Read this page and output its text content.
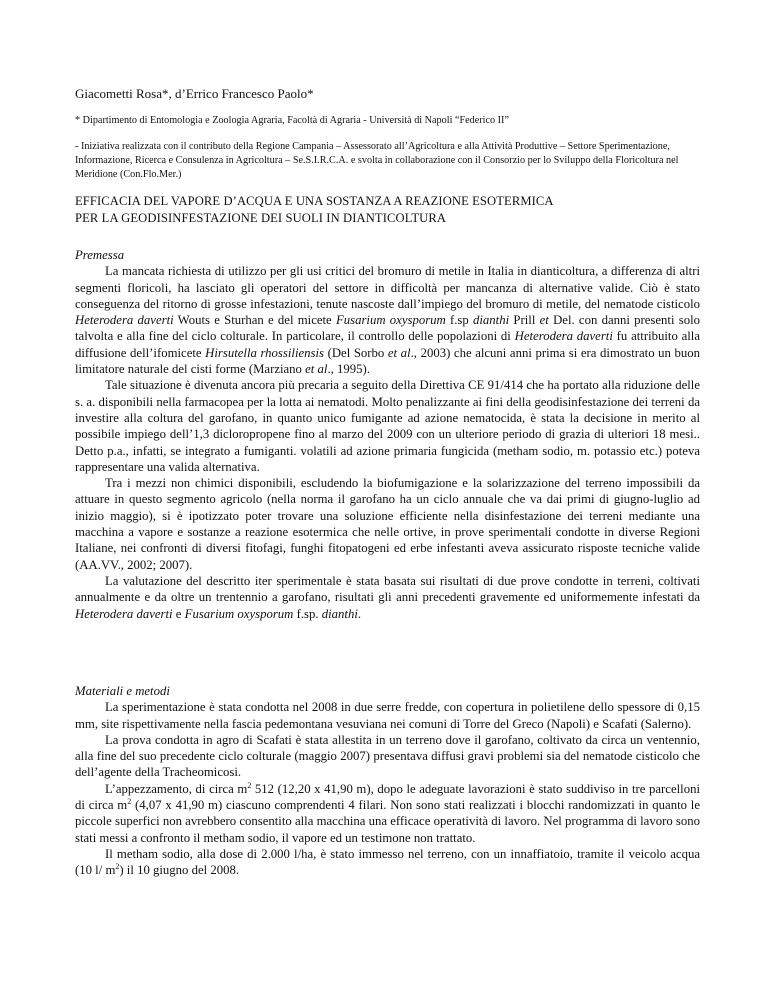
Giacometti Rosa*, d’Errico Francesco Paolo*
* Dipartimento di Entomologia e Zoologia Agraria, Facoltà di Agraria - Università di Napoli “Federico II”
- Iniziativa realizzata con il contributo della Regione Campania – Assessorato all’Agricoltura e alla Attività Produttive – Settore Sperimentazione, Informazione, Ricerca e Consulenza in Agricoltura – Se.S.I.R.C.A. e svolta in collaborazione con il Consorzio per lo Sviluppo della Floricoltura nel Meridione (Con.Flo.Mer.)
EFFICACIA DEL VAPORE D’ACQUA E UNA SOSTANZA A REAZIONE ESOTERMICA
PER LA GEODISINFESTAZIONE DEI SUOLI IN DIANTICOLTURA
Premessa

La mancata richiesta di utilizzo per gli usi critici del bromuro di metile in Italia in dianticoltura, a differenza di altri segmenti floricoli, ha lasciato gli operatori del settore in difficoltà per mancanza di alternative valide. Ciò è stato conseguenza del ritorno di grosse infestazioni, tenute nascoste dall’impiego del bromuro di metile, del nematode cisticolo Heterodera daverti Wouts e Sturhan e del micete Fusarium oxysporum f.sp dianthi Prill et Del. con danni presenti solo talvolta e alla fine del ciclo colturale. In particolare, il controllo delle popolazioni di Heterodera daverti fu attribuito alla diffusione dell’ifomicete Hirsutella rhossiliensis (Del Sorbo et al., 2003) che alcuni anni prima si era dimostrato un buon limitatore naturale del cisti forme (Marziano et al., 1995).

Tale situazione è divenuta ancora più precaria a seguito della Direttiva CE 91/414 che ha portato alla riduzione delle s. a. disponibili nella farmacopea per la lotta ai nematodi. Molto penalizzante ai fini della geodisinfestazione dei terreni da investire alla coltura del garofano, in quanto unico fumigante ad azione nematocida, è stata la decisione in merito al possibile impiego dell’1,3 dicloropropene fino al marzo del 2009 con un ulteriore periodo di grazia di ulteriori 18 mesi.. Detto p.a., infatti, se integrato a fumiganti. volatili ad azione primaria fungicida (metham sodio, m. potassio etc.) poteva rappresentare una valida alternativa.

Tra i mezzi non chimici disponibili, escludendo la biofumigazione e la solarizzazione del terreno impossibili da attuare in questo segmento agricolo (nella norma il garofano ha un ciclo annuale che va dai primi di giugno-luglio ad inizio maggio), si è ipotizzato poter trovare una soluzione efficiente nella disinfestazione dei terreni mediante una macchina a vapore e sostanze a reazione esotermica che nelle ortive, in prove sperimentali condotte in diverse Regioni Italiane, nei confronti di diversi fitofagi, funghi fitopatogeni ed erbe infestanti aveva assicurato risposte tecniche valide (AA.VV., 2002; 2007).

La valutazione del descritto iter sperimentale è stata basata sui risultati di due prove condotte in terreni, coltivati annualmente e da oltre un trentennio a garofano, risultati gli anni precedenti gravemente ed uniformemente infestati da Heterodera daverti e Fusarium oxysporum f.sp. dianthi.

Materiali e metodi

La sperimentazione è stata condotta nel 2008 in due serre fredde, con copertura in polietilene dello spessore di 0,15 mm, site rispettivamente nella fascia pedemontana vesuviana nei comuni di Torre del Greco (Napoli) e Scafati (Salerno).

La prova condotta in agro di Scafati è stata allestita in un terreno dove il garofano, coltivato da circa un ventennio, alla fine del suo precedente ciclo colturale (maggio 2007) presentava diffusi gravi problemi sia del nematode cisticolo che dell’agente della Tracheomicosi.

L’appezzamento, di circa $m^2$ 512 (12,20 x 41,90 m), dopo le adeguate lavorazioni è stato suddiviso in tre parcelloni di circa $m^2$ (4,07 x 41,90 m) ciascuno comprendenti 4 filari. Non sono stati realizzati i blocchi randomizzati in quanto le piccole superfici non avrebbero consentito alla macchina una efficace operatività di lavoro. Nel programma di lavoro sono stati messi a confronto il metham sodio, il vapore ed un testimone non trattato.

Il metham sodio, alla dose di 2.000 l/ha, è stato immesso nel terreno, con un innaffiatoio, tramite il veicolo acqua (10 l/ $m^2$) il 10 giugno del 2008.
